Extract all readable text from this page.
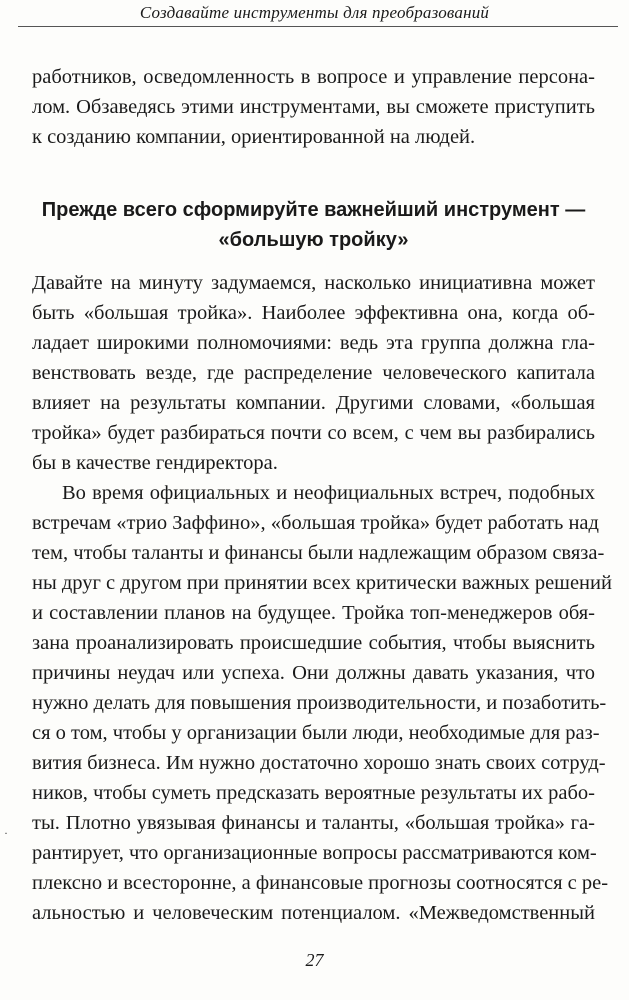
Создавайте инструменты для преобразований
работников, осведомленность в вопросе и управление персона-
лом. Обзаведясь этими инструментами, вы сможете приступить
к созданию компании, ориентированной на людей.
Прежде всего сформируйте важнейший инструмент —
«большую тройку»
Давайте на минуту задумаемся, насколько инициативна может
быть «большая тройка». Наиболее эффективна она, когда об-
ладает широкими полномочиями: ведь эта группа должна гла-
венствовать везде, где распределение человеческого капитала
влияет на результаты компании. Другими словами, «большая
тройка» будет разбираться почти со всем, с чем вы разбирались
бы в качестве гендиректора.
Во время официальных и неофициальных встреч, подобных
встречам «трио Заффино», «большая тройка» будет работать над
тем, чтобы таланты и финансы были надлежащим образом связа-
ны друг с другом при принятии всех критически важных решений
и составлении планов на будущее. Тройка топ-менеджеров обя-
зана проанализировать происшедшие события, чтобы выяснить
причины неудач или успеха. Они должны давать указания, что
нужно делать для повышения производительности, и позаботить-
ся о том, чтобы у организации были люди, необходимые для раз-
вития бизнеса. Им нужно достаточно хорошо знать своих сотруд-
ников, чтобы суметь предсказать вероятные результаты их рабо-
ты. Плотно увязывая финансы и таланты, «большая тройка» га-
рантирует, что организационные вопросы рассматриваются ком-
плексно и всесторонне, а финансовые прогнозы соотносятся с ре-
альностью и человеческим потенциалом. «Межведомственный
·
27
